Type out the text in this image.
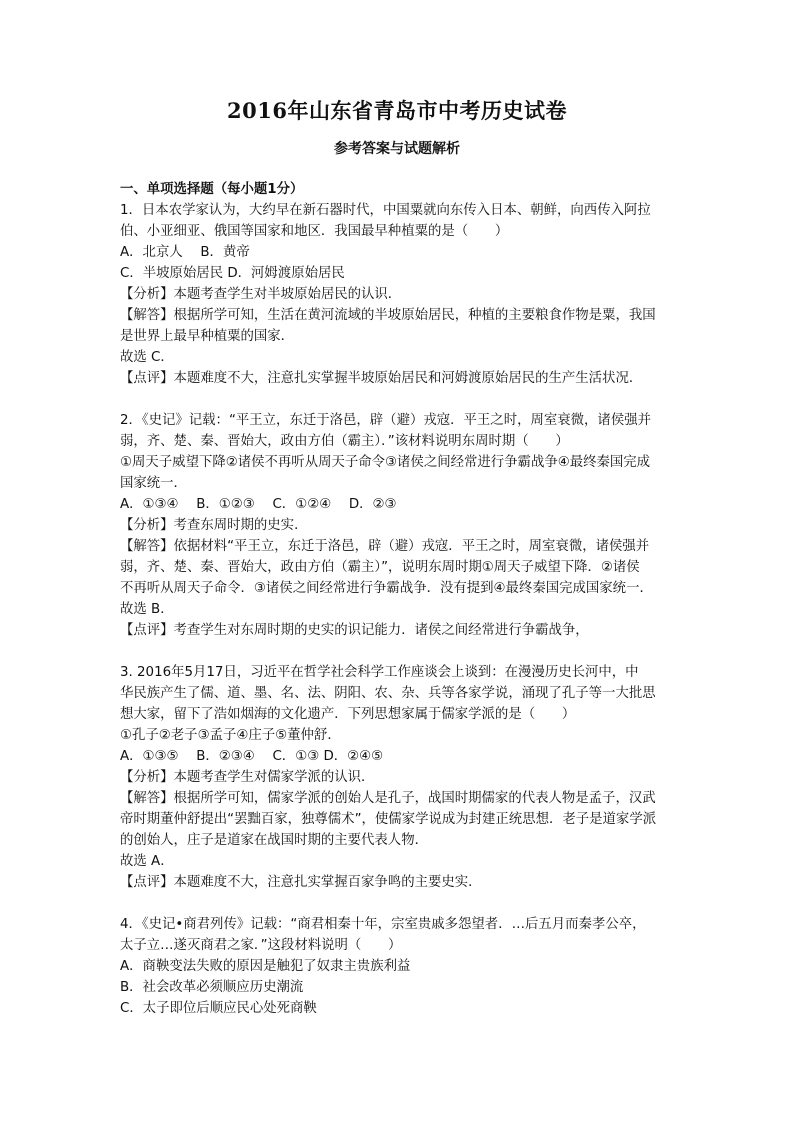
2016年山东省青岛市中考历史试卷
参考答案与试题解析
一、单项选择题（每小题1分）
1．日本农学家认为，大约早在新石器时代，中国粟就向东传入日本、朝鲜，向西传入阿拉
伯、小亚细亚、俄国等国家和地区．我国最早种植粟的是（　　）
A．北京人　 B．黄帝
C．半坡原始居民 D．河姆渡原始居民
【分析】本题考查学生对半坡原始居民的认识．
【解答】根据所学可知，生活在黄河流域的半坡原始居民，种植的主要粮食作物是粟，我国
是世界上最早种植粟的国家．
故选 C．
【点评】本题难度不大，注意扎实掌握半坡原始居民和河姆渡原始居民的生产生活状况．
2．《史记》记载：“平王立，东迁于洛邑，辟（避）戎寇．平王之时，周室衰微，诸侯强并
弱，齐、楚、秦、晋始大，政由方伯（霸主）．”该材料说明东周时期（　　）
①周天子威望下降②诸侯不再听从周天子命令③诸侯之间经常进行争霸战争④最终秦国完成
国家统一．
A．①③④　 B．①②③　 C．①②④　 D．②③
【分析】考查东周时期的史实．
【解答】依据材料“平王立，东迁于洛邑，辟（避）戎寇．平王之时，周室衰微，诸侯强并
弱，齐、楚、秦、晋始大，政由方伯（霸主）”，说明东周时期①周天子威望下降．②诸侯
不再听从周天子命令．③诸侯之间经常进行争霸战争．没有提到④最终秦国完成国家统一．
故选 B．
【点评】考查学生对东周时期的史实的识记能力．诸侯之间经常进行争霸战争，
3. 2016年5月17日，习近平在哲学社会科学工作座谈会上谈到：在漫漫历史长河中，中
华民族产生了儒、道、墨、名、法、阴阳、农、杂、兵等各家学说，涌现了孔子等一大批思
想大家，留下了浩如烟海的文化遗产．下列思想家属于儒家学派的是（　　）
①孔子②老子③孟子④庄子⑤董仲舒．
A．①③⑤　 B．②③④　 C．①③ D．②④⑤
【分析】本题考查学生对儒家学派的认识．
【解答】根据所学可知，儒家学派的创始人是孔子，战国时期儒家的代表人物是孟子，汉武
帝时期董仲舒提出“罢黜百家，独尊儒术”，使儒家学说成为封建正统思想．老子是道家学派
的创始人，庄子是道家在战国时期的主要代表人物．
故选 A．
【点评】本题难度不大，注意扎实掌握百家争鸣的主要史实．
4．《史记•商君列传》记载：“商君相秦十年，宗室贵戚多怨望者．…后五月而秦孝公卒，
太子立…遂灭商君之家．”这段材料说明（　　）
A．商鞅变法失败的原因是触犯了奴隶主贵族利益
B．社会改革必须顺应历史潮流
C．太子即位后顺应民心处死商鞅
